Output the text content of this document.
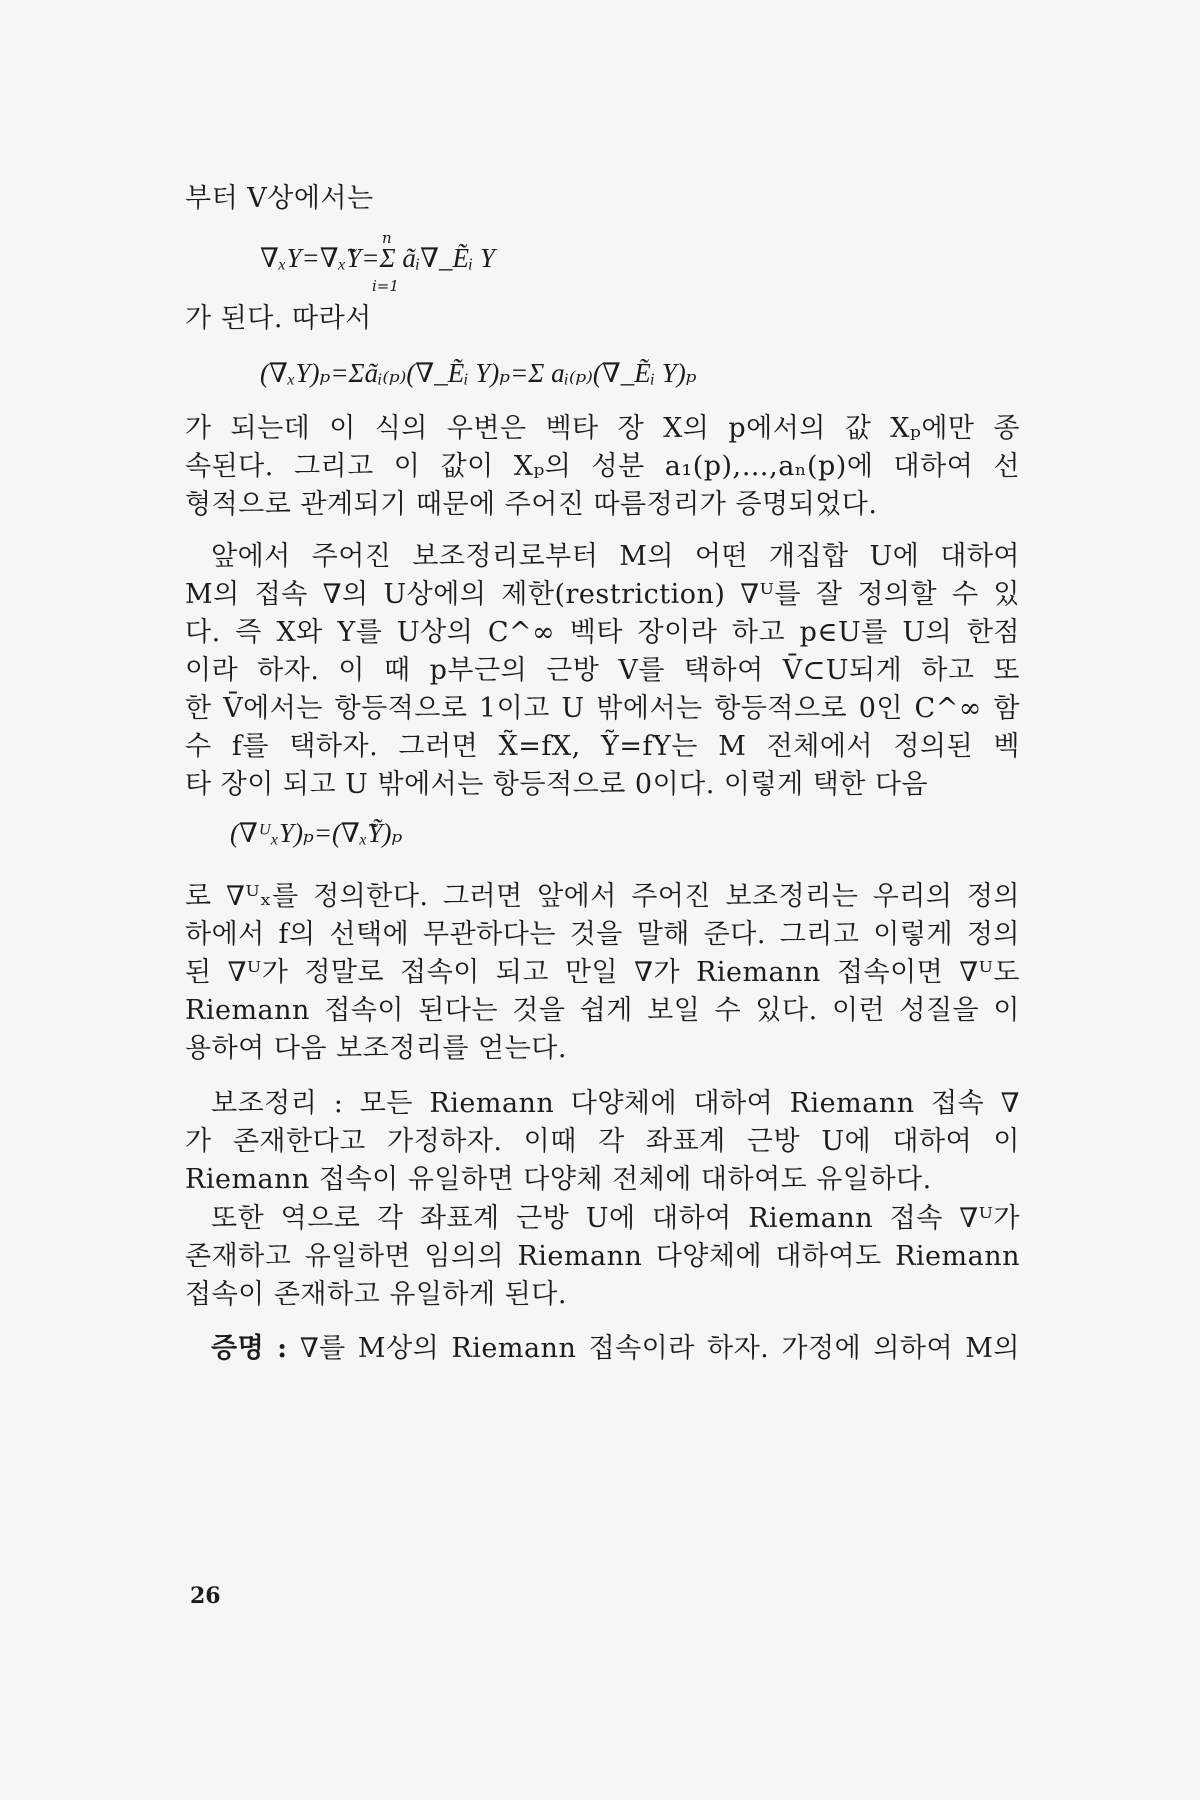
부터 V상에서는
∇ₓY=∇ₓ̃Y=Σ ãᵢ∇_Ẽᵢ Y
n
i=1
가 된다. 따라서
(∇ₓY)ₚ=Σãᵢ₍ₚ₎(∇_Ẽᵢ Y)ₚ=Σ aᵢ₍ₚ₎(∇_Ẽᵢ Y)ₚ
가 되는데 이 식의 우변은 벡타 장 X의 p에서의 값 Xₚ에만 종
속된다. 그리고 이 값이 Xₚ의 성분 a₁(p),…,aₙ(p)에 대하여 선
형적으로 관계되기 때문에 주어진 따름정리가 증명되었다.
앞에서 주어진 보조정리로부터 M의 어떤 개집합 U에 대하여
M의 접속 ∇의 U상에의 제한(restriction) ∇ᵁ를 잘 정의할 수 있
다. 즉 X와 Y를 U상의 C^∞ 벡타 장이라 하고 p∈U를 U의 한점
이라 하자. 이 때 p부근의 근방 V를 택하여 V̄⊂U되게 하고 또
한 V̄에서는 항등적으로 1이고 U 밖에서는 항등적으로 0인 C^∞ 함
수 f를 택하자. 그러면 X̃=fX, Ỹ=fY는 M 전체에서 정의된 벡
타 장이 되고 U 밖에서는 항등적으로 0이다. 이렇게 택한 다음
(∇ᵁₓY)ₚ=(∇ₓ̃Ỹ)ₚ
로 ∇ᵁₓ를 정의한다. 그러면 앞에서 주어진 보조정리는 우리의 정의
하에서 f의 선택에 무관하다는 것을 말해 준다. 그리고 이렇게 정의
된 ∇ᵁ가 정말로 접속이 되고 만일 ∇가 Riemann 접속이면 ∇ᵁ도
Riemann 접속이 된다는 것을 쉽게 보일 수 있다. 이런 성질을 이
용하여 다음 보조정리를 얻는다.
보조정리 : 모든 Riemann 다양체에 대하여 Riemann 접속 ∇
가 존재한다고 가정하자. 이때 각 좌표계 근방 U에 대하여 이
Riemann 접속이 유일하면 다양체 전체에 대하여도 유일하다.
또한 역으로 각 좌표계 근방 U에 대하여 Riemann 접속 ∇ᵁ가
존재하고 유일하면 임의의 Riemann 다양체에 대하여도 Riemann
접속이 존재하고 유일하게 된다.
증명 : ∇를 M상의 Riemann 접속이라 하자. 가정에 의하여 M의
26
